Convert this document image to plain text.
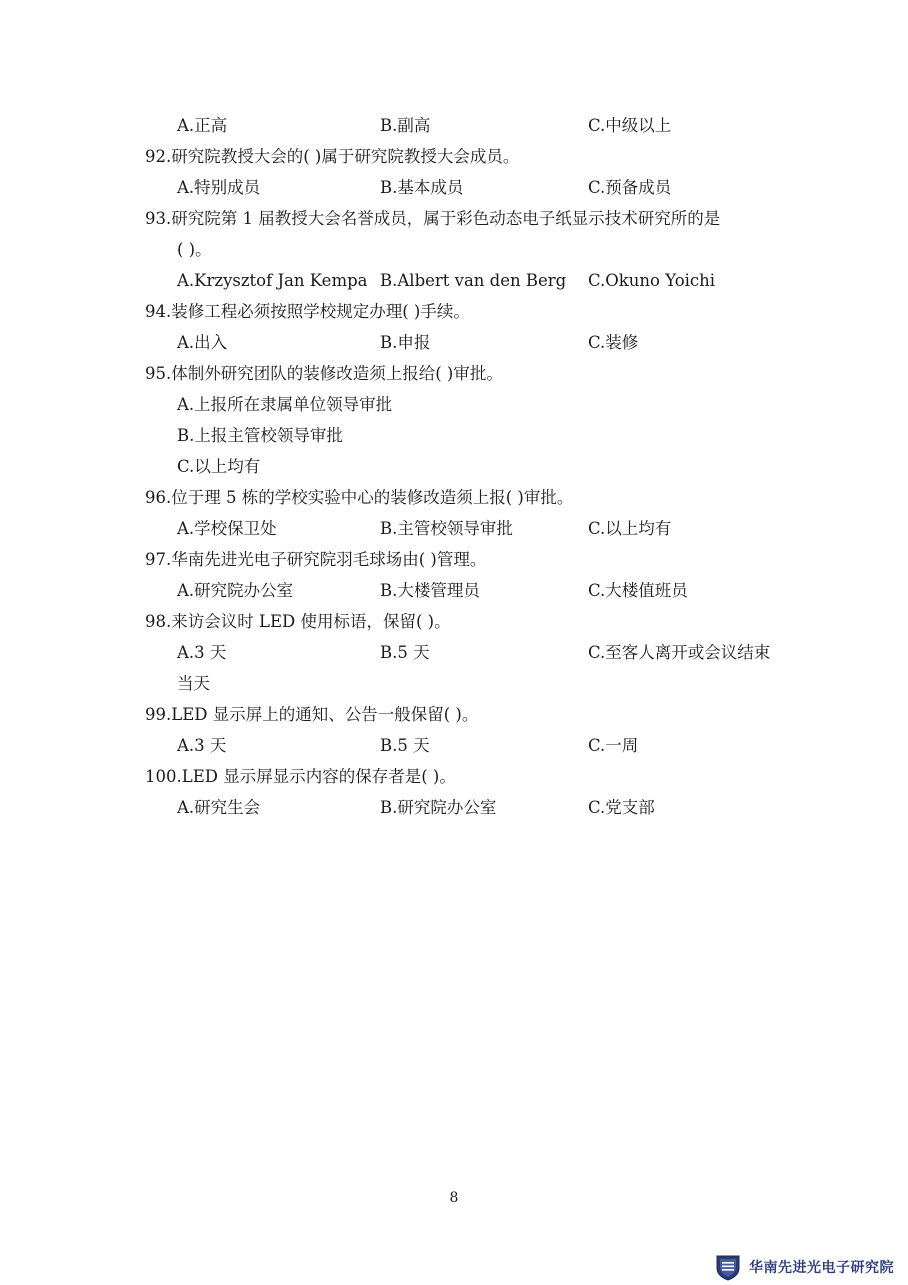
A.正高	B.副高	C.中级以上
92.研究院教授大会的( )属于研究院教授大会成员。
A.特别成员	B.基本成员	C.预备成员
93.研究院第 1 届教授大会名誉成员，属于彩色动态电子纸显示技术研究所的是
( )。
A.Krzysztof Jan Kempa B.Albert van den Berg C.Okuno Yoichi
94.装修工程必须按照学校规定办理( )手续。
A.出入	B.申报	C.装修
95.体制外研究团队的装修改造须上报给( )审批。
A.上报所在隶属单位领导审批
B.上报主管校领导审批
C.以上均有
96.位于理 5 栋的学校实验中心的装修改造须上报( )审批。
A.学校保卫处	B.主管校领导审批	C.以上均有
97.华南先进光电子研究院羽毛球场由( )管理。
A.研究院办公室	B.大楼管理员	C.大楼值班员
98.来访会议时 LED 使用标语，保留( )。
A.3 天	B.5 天	C.至客人离开或会议结束
当天
99.LED 显示屏上的通知、公告一般保留( )。
A.3 天	B.5 天	C.一周
100.LED 显示屏显示内容的保存者是( )。
A.研究生会	B.研究院办公室	C.党支部
8
华南先进光电子研究院
